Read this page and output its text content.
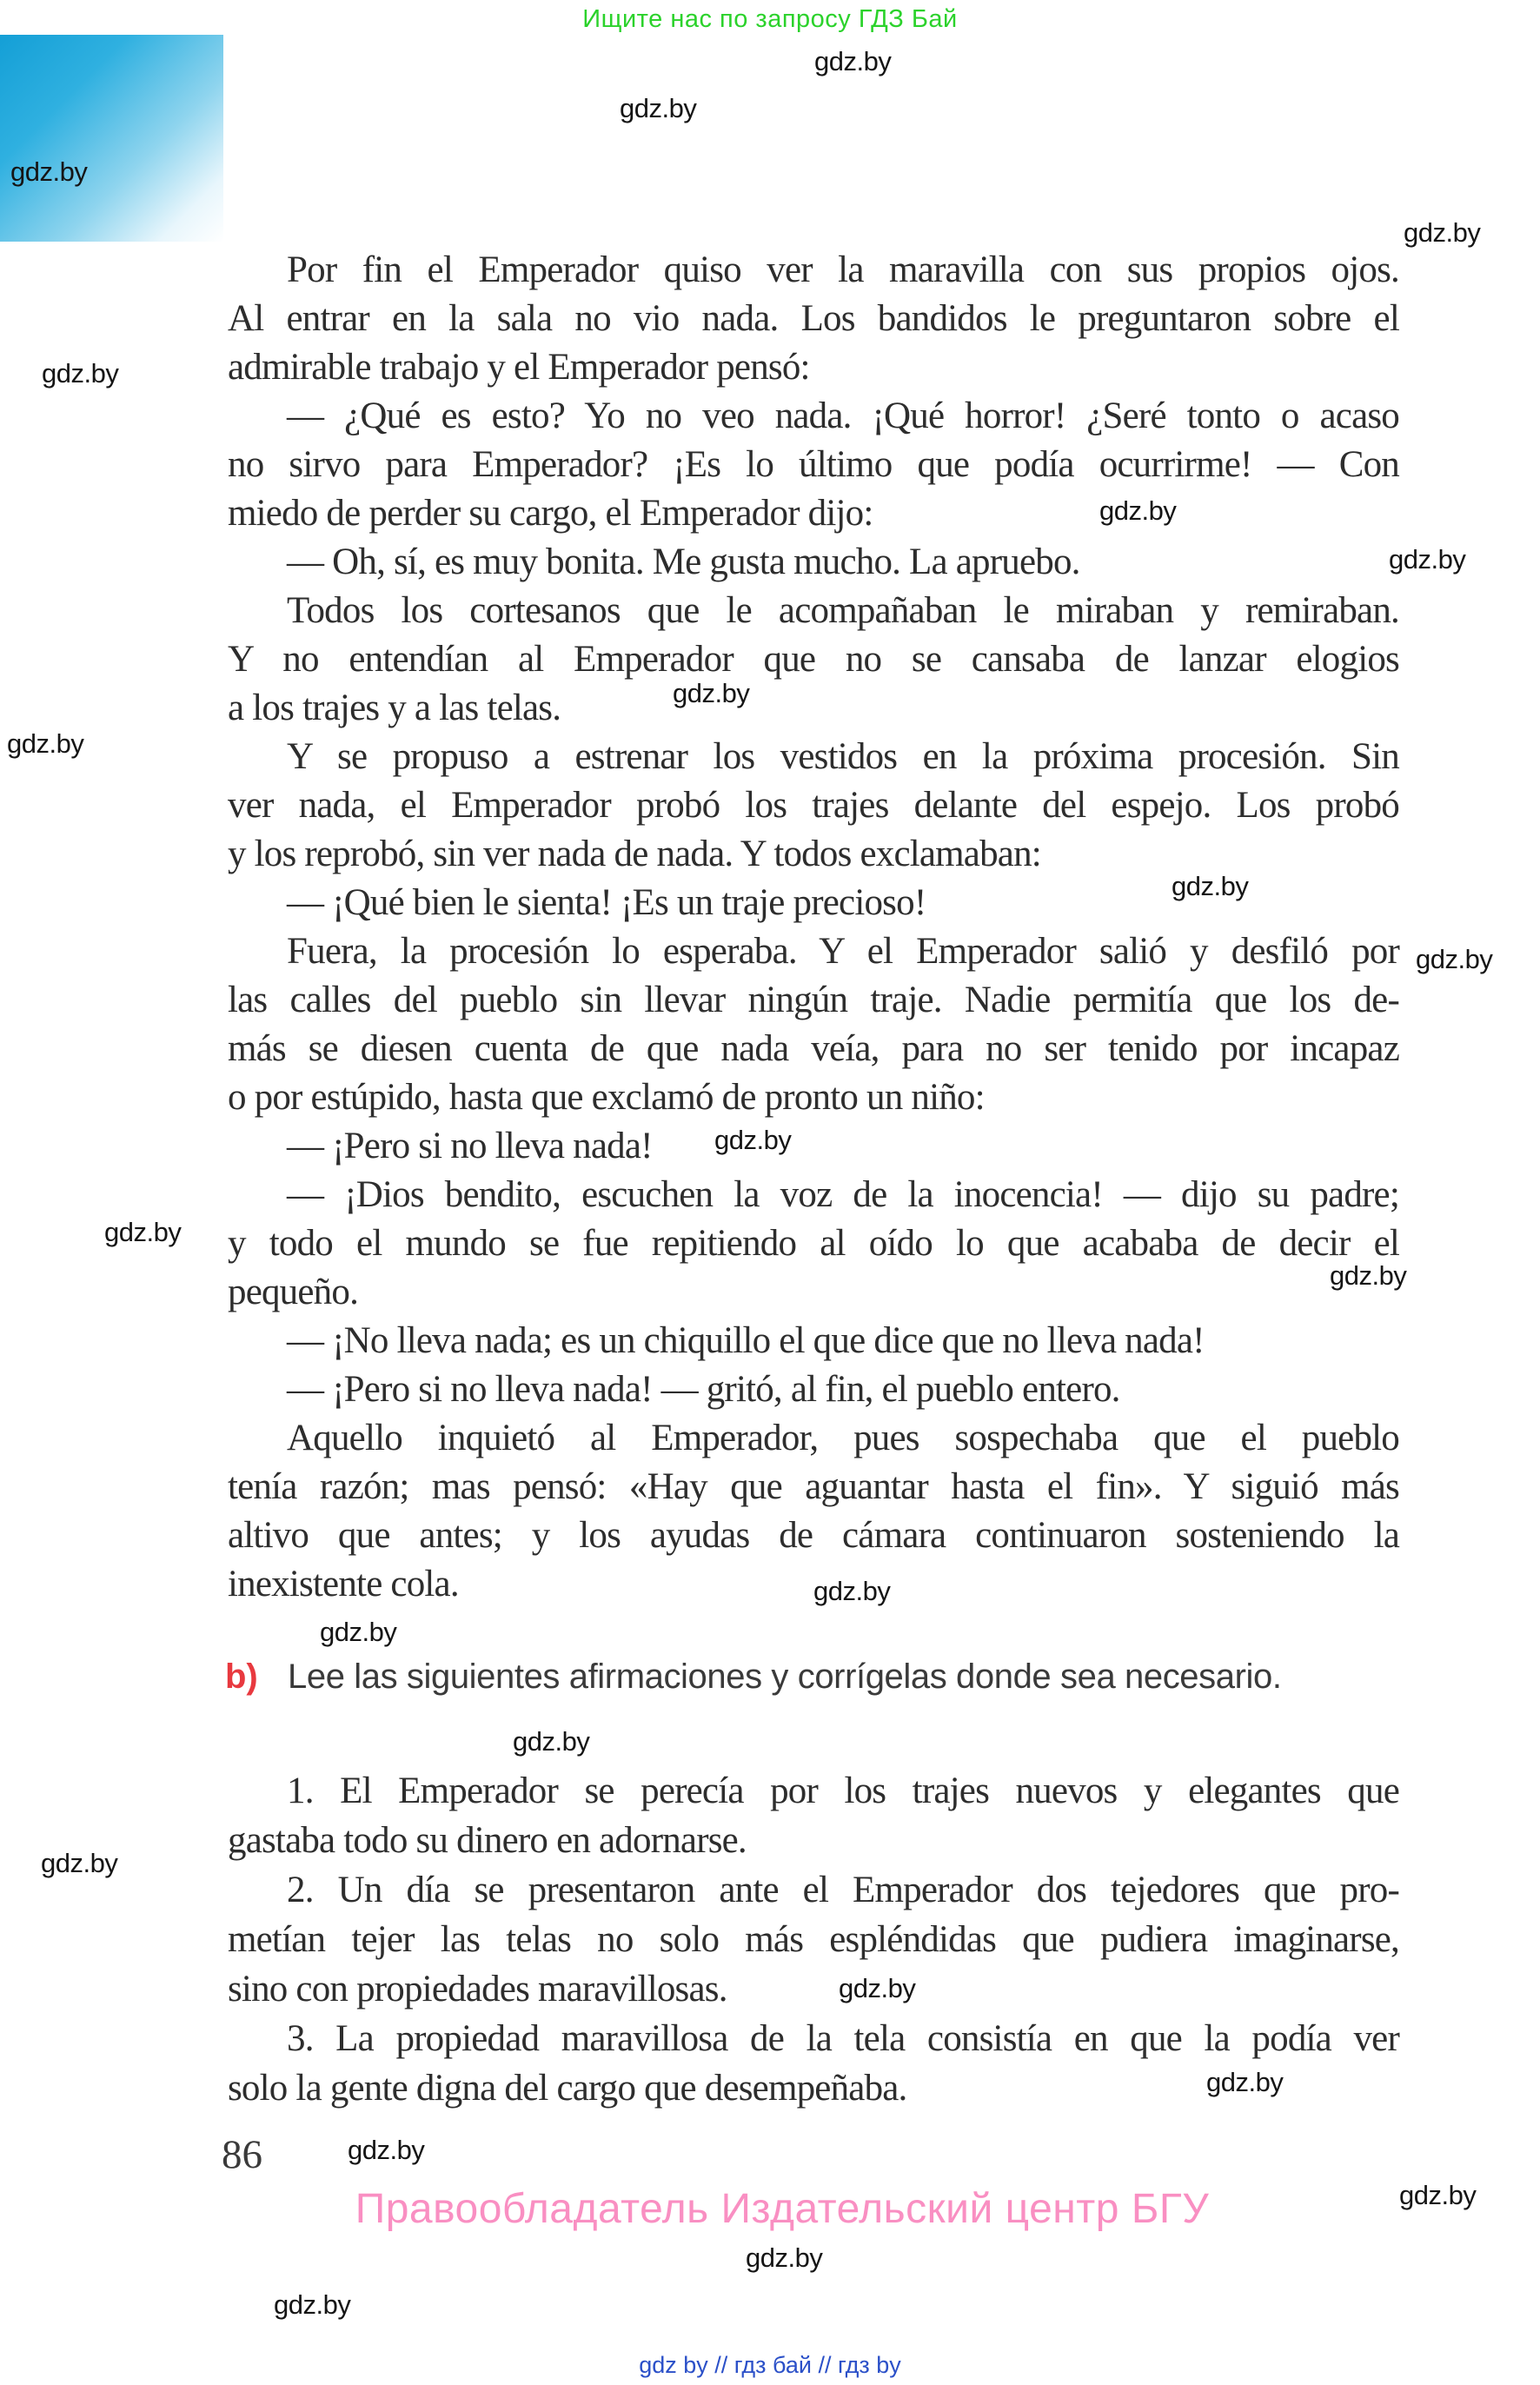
Ищите нас по запросу ГДЗ Бай
gdz.by
gdz.by
gdz.by
gdz.by
gdz.by
gdz.by
gdz.by
gdz.by
gdz.by
gdz.by
gdz.by
gdz.by
gdz.by
gdz.by
gdz.by
gdz.by
gdz.by
gdz.by
gdz.by
gdz.by
gdz.by
gdz.by
gdz.by
gdz.by
Por fin el Emperador quiso ver la maravilla con sus propios ojos.
Al entrar en la sala no vio nada. Los bandidos le preguntaron sobre el
admirable trabajo y el Emperador pensó:
— ¿Qué es esto? Yo no veo nada. ¡Qué horror! ¿Seré tonto o acaso
no sirvo para Emperador? ¡Es lo último que podía ocurrirme! — Con
miedo de perder su cargo, el Emperador dijo:
— Oh, sí, es muy bonita. Me gusta mucho. La apruebo.
Todos los cortesanos que le acompañaban le miraban y remiraban.
Y no entendían al Emperador que no se cansaba de lanzar elogios
a los trajes y a las telas.
Y se propuso a estrenar los vestidos en la próxima procesión. Sin
ver nada, el Emperador probó los trajes delante del espejo. Los probó
y los reprobó, sin ver nada de nada. Y todos exclamaban:
— ¡Qué bien le sienta! ¡Es un traje precioso!
Fuera, la procesión lo esperaba. Y el Emperador salió y desfiló por
las calles del pueblo sin llevar ningún traje. Nadie permitía que los de-
más se diesen cuenta de que nada veía, para no ser tenido por incapaz
o por estúpido, hasta que exclamó de pronto un niño:
— ¡Pero si no lleva nada!
— ¡Dios bendito, escuchen la voz de la inocencia! — dijo su padre;
y todo el mundo se fue repitiendo al oído lo que acababa de decir el
pequeño.
— ¡No lleva nada; es un chiquillo el que dice que no lleva nada!
— ¡Pero si no lleva nada! — gritó, al fin, el pueblo entero.
Aquello inquietó al Emperador, pues sospechaba que el pueblo
tenía razón; mas pensó: «Hay que aguantar hasta el fin». Y siguió más
altivo que antes; y los ayudas de cámara continuaron sosteniendo la
inexistente cola.
b) Lee las siguientes afirmaciones y corrígelas donde sea necesario.
1. El Emperador se perecía por los trajes nuevos y elegantes que
gastaba todo su dinero en adornarse.
2. Un día se presentaron ante el Emperador dos tejedores que pro-
metían tejer las telas no solo más espléndidas que pudiera imaginarse,
sino con propiedades maravillosas.
3. La propiedad maravillosa de la tela consistía en que la podía ver
solo la gente digna del cargo que desempeñaba.
86
Правообладатель Издательский центр БГУ
gdz by // гдз бай // гдз by
